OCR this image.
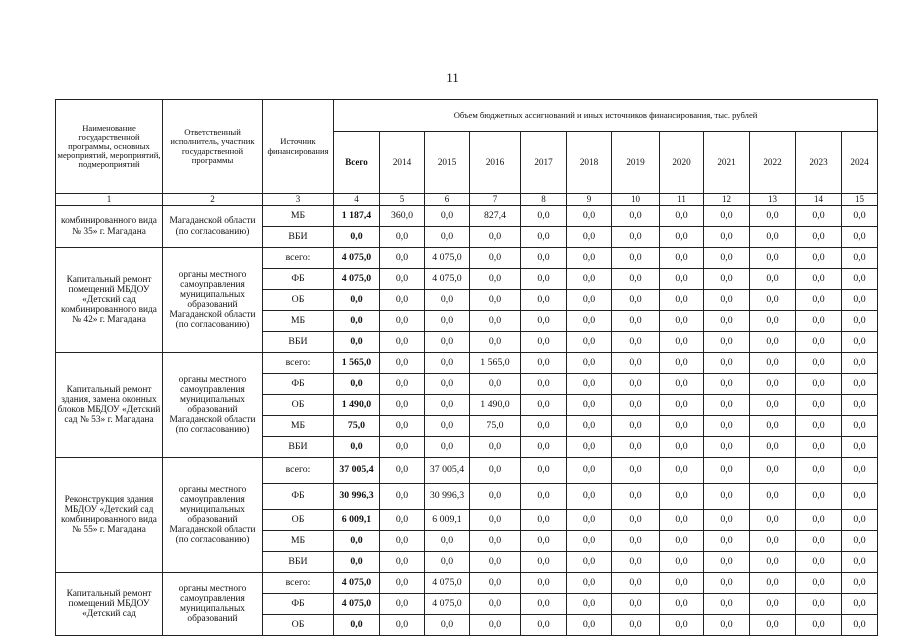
11
Наименование государственной программы, основных мероприятий, мероприятий, подмероприятий	Ответственный исполнитель, участник государственной программы	Источник финансирования	Объем бюджетных ассигнований и иных источников финансирования, тыс. рублей											
			Всего	2014	2015	2016	2017	2018	2019	2020	2021	2022	2023	2024
1	2	3	4	5	6	7	8	9	10	11	12	13	14	15
комбинированного вида № 35» г. Магадана	Магаданской области (по согласованию)	МБ	1 187,4	360,0	0,0	827,4	0,0	0,0	0,0	0,0	0,0	0,0	0,0	0,0
		ВБИ	0,0	0,0	0,0	0,0	0,0	0,0	0,0	0,0	0,0	0,0	0,0	0,0
Капитальный ремонт помещений МБДОУ «Детский сад комбинированного вида № 42» г. Магадана	органы местного самоуправления муниципальных образований Магаданской области (по согласованию)	всего:	4 075,0	0,0	4 075,0	0,0	0,0	0,0	0,0	0,0	0,0	0,0	0,0	0,0
		ФБ	4 075,0	0,0	4 075,0	0,0	0,0	0,0	0,0	0,0	0,0	0,0	0,0	0,0
		ОБ	0,0	0,0	0,0	0,0	0,0	0,0	0,0	0,0	0,0	0,0	0,0	0,0
		МБ	0,0	0,0	0,0	0,0	0,0	0,0	0,0	0,0	0,0	0,0	0,0	0,0
		ВБИ	0,0	0,0	0,0	0,0	0,0	0,0	0,0	0,0	0,0	0,0	0,0	0,0
Капитальный ремонт здания, замена оконных блоков МБДОУ «Детский сад № 53» г. Магадана	органы местного самоуправления муниципальных образований Магаданской области (по согласованию)	всего:	1 565,0	0,0	0,0	1 565,0	0,0	0,0	0,0	0,0	0,0	0,0	0,0	0,0
		ФБ	0,0	0,0	0,0	0,0	0,0	0,0	0,0	0,0	0,0	0,0	0,0	0,0
		ОБ	1 490,0	0,0	0,0	1 490,0	0,0	0,0	0,0	0,0	0,0	0,0	0,0	0,0
		МБ	75,0	0,0	0,0	75,0	0,0	0,0	0,0	0,0	0,0	0,0	0,0	0,0
		ВБИ	0,0	0,0	0,0	0,0	0,0	0,0	0,0	0,0	0,0	0,0	0,0	0,0
Реконструкция здания МБДОУ «Детский сад комбинированного вида № 55» г. Магадана	органы местного самоуправления муниципальных образований Магаданской области (по согласованию)	всего:	37 005,4	0,0	37 005,4	0,0	0,0	0,0	0,0	0,0	0,0	0,0	0,0	0,0
		ФБ	30 996,3	0,0	30 996,3	0,0	0,0	0,0	0,0	0,0	0,0	0,0	0,0	0,0
		ОБ	6 009,1	0,0	6 009,1	0,0	0,0	0,0	0,0	0,0	0,0	0,0	0,0	0,0
		МБ	0,0	0,0	0,0	0,0	0,0	0,0	0,0	0,0	0,0	0,0	0,0	0,0
		ВБИ	0,0	0,0	0,0	0,0	0,0	0,0	0,0	0,0	0,0	0,0	0,0	0,0
Капитальный ремонт помещений МБДОУ «Детский сад	органы местного самоуправления муниципальных образований	всего:	4 075,0	0,0	4 075,0	0,0	0,0	0,0	0,0	0,0	0,0	0,0	0,0	0,0
		ФБ	4 075,0	0,0	4 075,0	0,0	0,0	0,0	0,0	0,0	0,0	0,0	0,0	0,0
		ОБ	0,0	0,0	0,0	0,0	0,0	0,0	0,0	0,0	0,0	0,0	0,0	0,0
